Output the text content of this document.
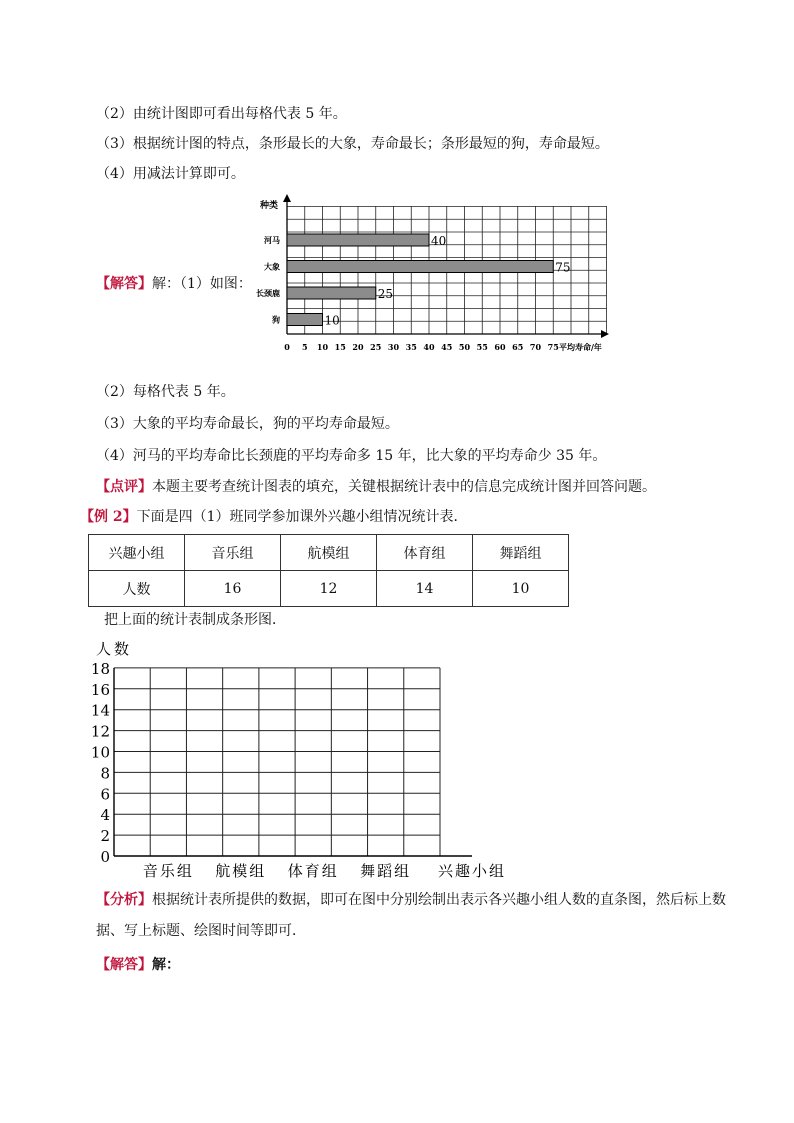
（2）由统计图即可看出每格代表 5 年。
（3）根据统计图的特点，条形最长的大象，寿命最长；条形最短的狗，寿命最短。
（4）用减法计算即可。
【解答】解：（1）如图：
种类
平均寿命/年
0 5 10 15 20 25 30 35 40 45 50 55 60 65 70 75
河马	40
大象	75
长颈鹿	25
狗	10
（2）每格代表 5 年。
（3）大象的平均寿命最长，狗的平均寿命最短。
（4）河马的平均寿命比长颈鹿的平均寿命多 15 年，比大象的平均寿命少 35 年。
【点评】本题主要考查统计图表的填充，关键根据统计表中的信息完成统计图并回答问题。
【例 2】下面是四（1）班同学参加课外兴趣小组情况统计表．
兴趣小组	音乐组	航模组	体育组	舞蹈组
人数	16	12	14	10
把上面的统计表制成条形图．
0
2
4
6
8
10
12
14
16
18
人数
兴趣小组
音乐组 航模组 体育组 舞蹈组
【分析】根据统计表所提供的数据，即可在图中分别绘制出表示各兴趣小组人数的直条图，然后标上数
据、写上标题、绘图时间等即可．
【解答】解：
